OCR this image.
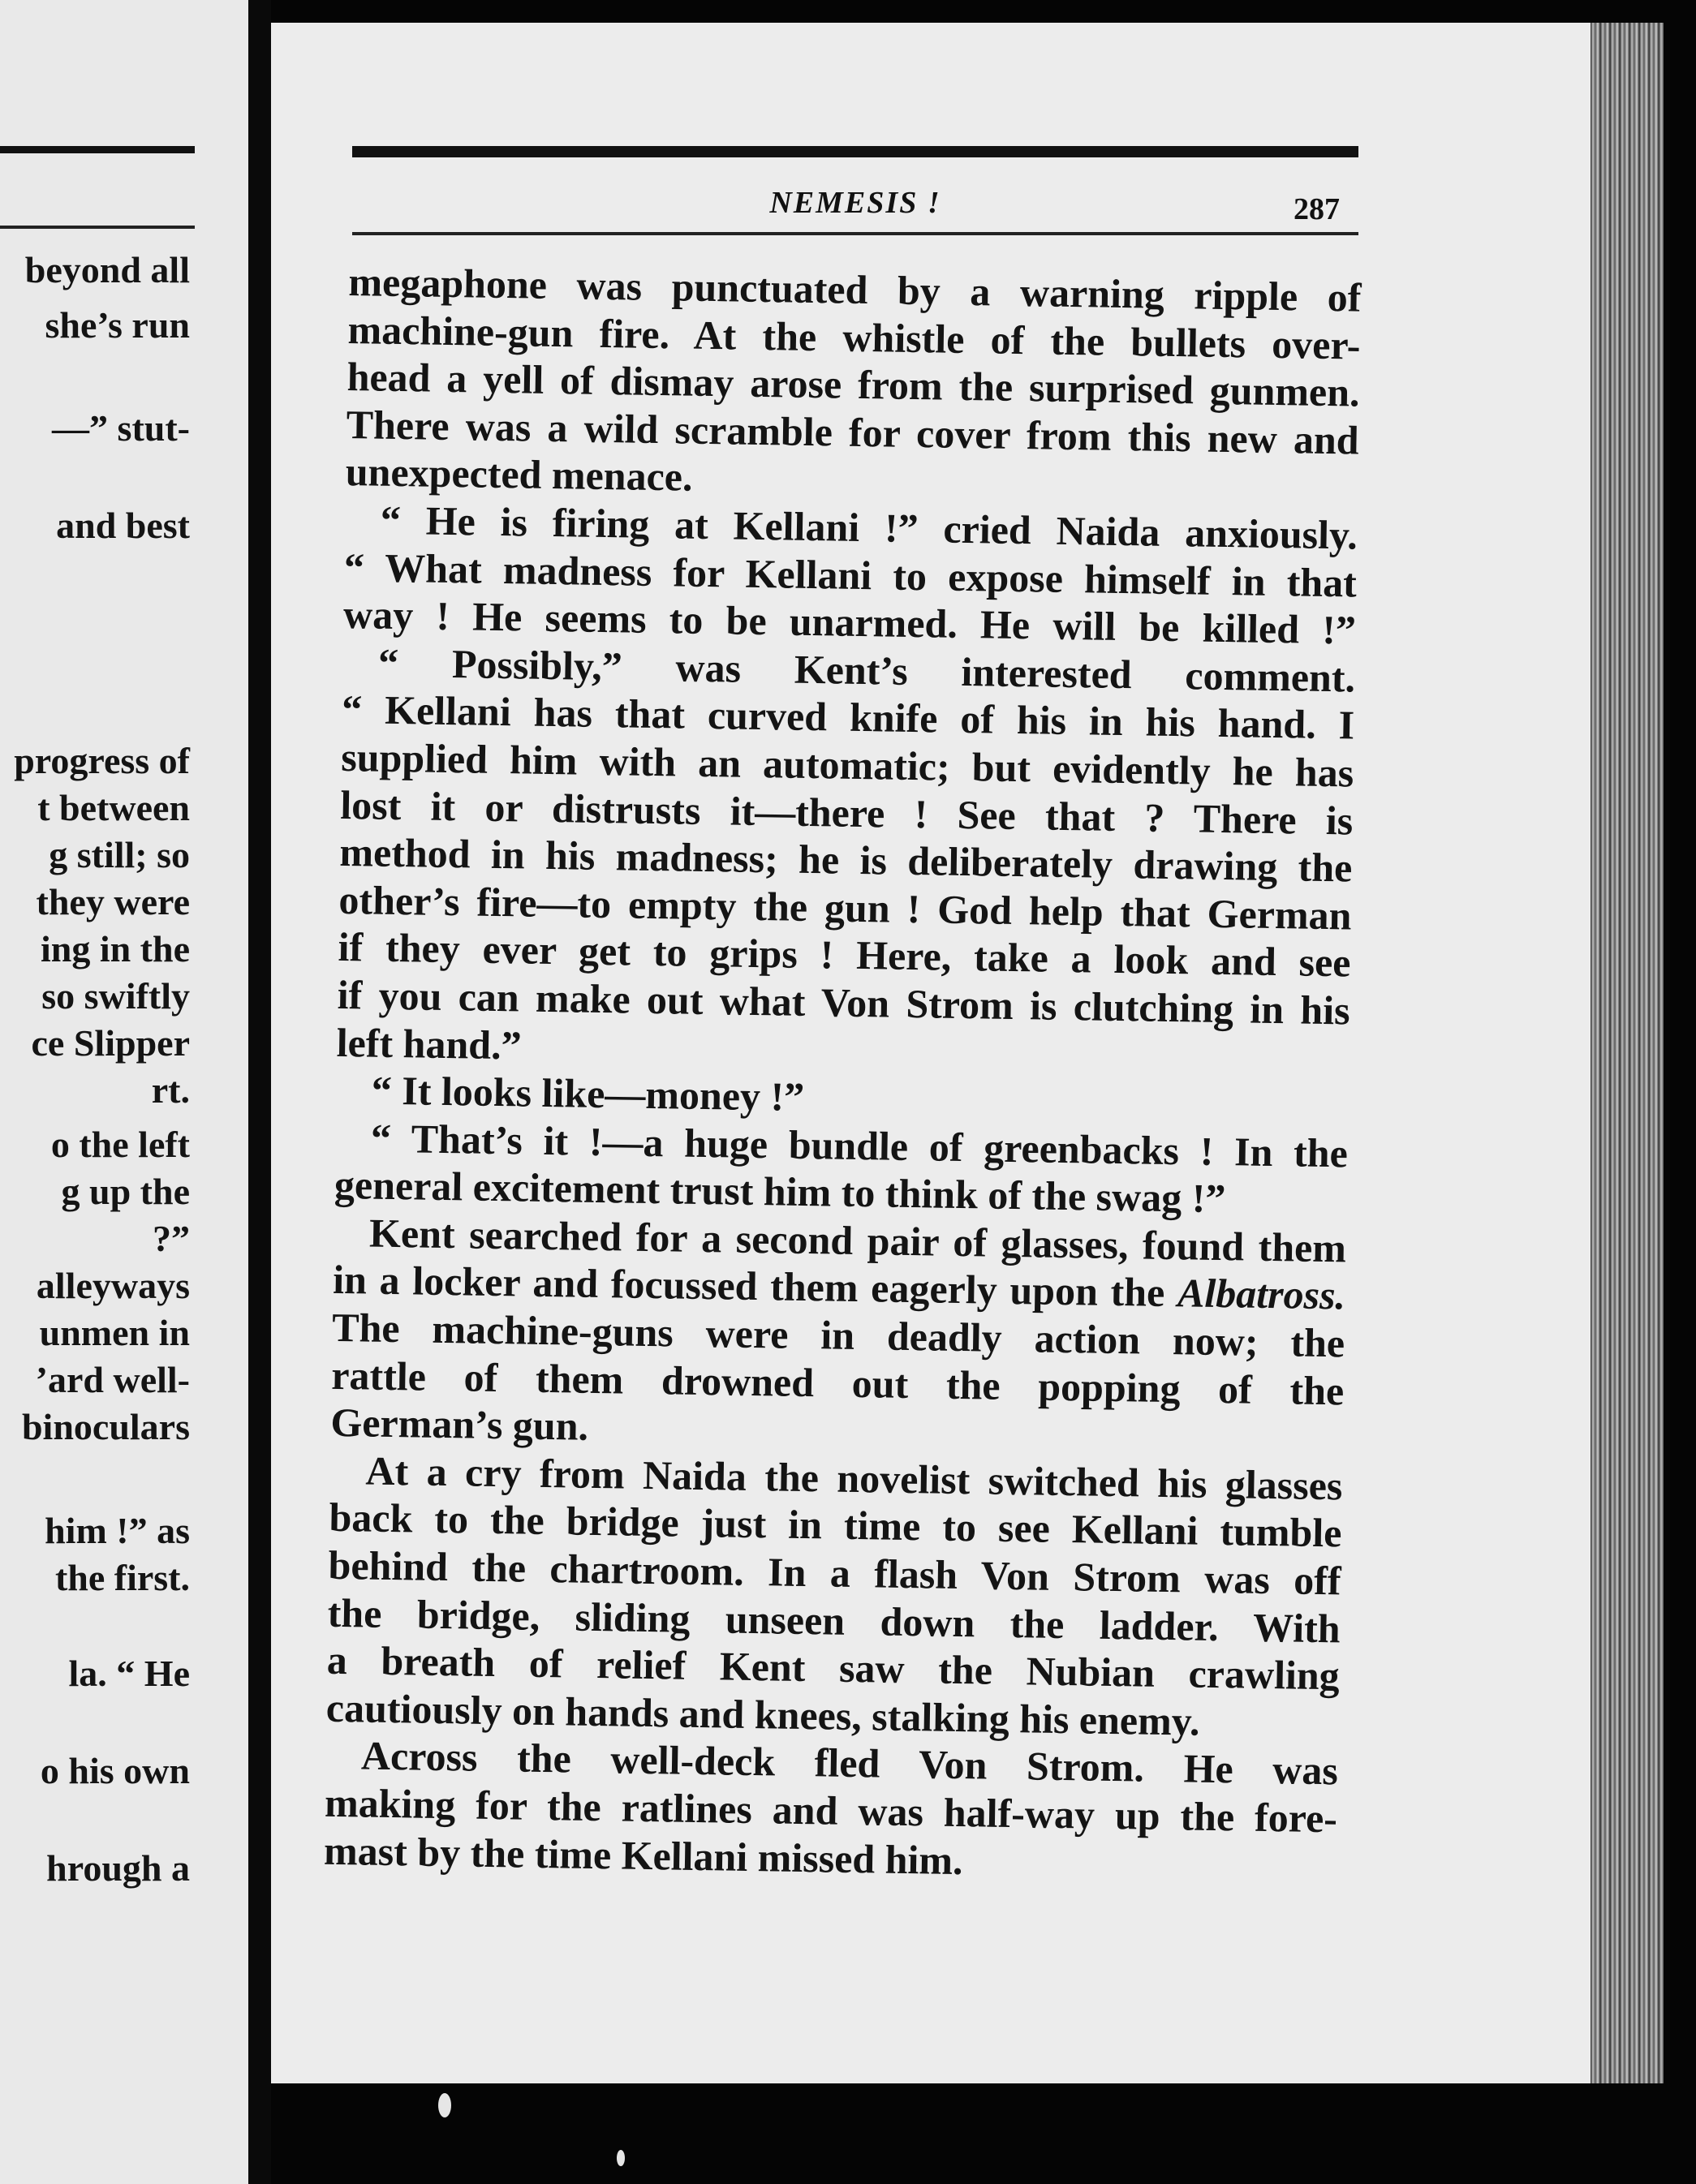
beyond all
she’s run
—” stut-
and best
progress of
t between
g still; so
they were
ing in the
so swiftly
ce Slipper
rt.
o the left
g up the
?”
alleyways
unmen in
’ard well-
binoculars
him !” as
the first.
la. “ He
o his own
hrough a
NEMESIS !	287
megaphone was punctuated by a warning ripple of
machine-gun fire. At the whistle of the bullets over-
head a yell of dismay arose from the surprised gunmen.
There was a wild scramble for cover from this new and
unexpected menace.
“ He is firing at Kellani !” cried Naida anxiously.
“ What madness for Kellani to expose himself in that
way ! He seems to be unarmed. He will be killed !”
“ Possibly,” was Kent’s interested comment.
“ Kellani has that curved knife of his in his hand. I
supplied him with an automatic; but evidently he has
lost it or distrusts it—there ! See that ? There is
method in his madness; he is deliberately drawing the
other’s fire—to empty the gun ! God help that German
if they ever get to grips ! Here, take a look and see
if you can make out what Von Strom is clutching in his
left hand.”
“ It looks like—money !”
“ That’s it !—a huge bundle of greenbacks ! In the
general excitement trust him to think of the swag !”
Kent searched for a second pair of glasses, found them
in a locker and focussed them eagerly upon the Albatross.
The machine-guns were in deadly action now; the
rattle of them drowned out the popping of the
German’s gun.
At a cry from Naida the novelist switched his glasses
back to the bridge just in time to see Kellani tumble
behind the chartroom. In a flash Von Strom was off
the bridge, sliding unseen down the ladder. With
a breath of relief Kent saw the Nubian crawling
cautiously on hands and knees, stalking his enemy.
Across the well-deck fled Von Strom. He was
making for the ratlines and was half-way up the fore-
mast by the time Kellani missed him.
